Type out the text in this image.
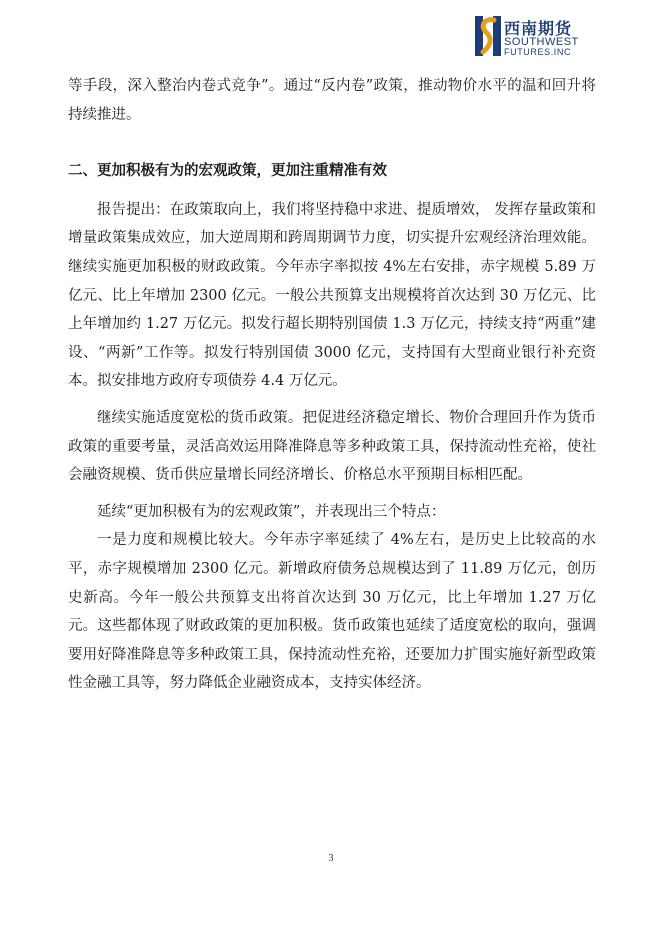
西南期货
SOUTHWEST
FUTURES.INC

等手段，深入整治内卷式竞争”。通过“反内卷”政策，推动物价水平的温和回升将持续推进。

二、更加积极有为的宏观政策，更加注重精准有效

报告提出：在政策取向上，我们将坚持稳中求进、提质增效， 发挥存量政策和增量政策集成效应，加大逆周期和跨周期调节力度，切实提升宏观经济治理效能。继续实施更加积极的财政政策。今年赤字率拟按 4%左右安排，赤字规模 5.89 万亿元、比上年增加 2300 亿元。一般公共预算支出规模将首次达到 30 万亿元、比上年增加约 1.27 万亿元。拟发行超长期特别国债 1.3 万亿元，持续支持“两重”建设、“两新”工作等。拟发行特别国债 3000 亿元，支持国有大型商业银行补充资本。拟安排地方政府专项债券 4.4 万亿元。

继续实施适度宽松的货币政策。把促进经济稳定增长、物价合理回升作为货币政策的重要考量，灵活高效运用降准降息等多种政策工具，保持流动性充裕，使社会融资规模、货币供应量增长同经济增长、价格总水平预期目标相匹配。

延续“更加积极有为的宏观政策”，并表现出三个特点：

一是力度和规模比较大。今年赤字率延续了 4%左右，是历史上比较高的水平，赤字规模增加 2300 亿元。新增政府债务总规模达到了 11.89 万亿元，创历史新高。今年一般公共预算支出将首次达到 30 万亿元，比上年增加 1.27 万亿元。这些都体现了财政政策的更加积极。货币政策也延续了适度宽松的取向，强调要用好降准降息等多种政策工具，保持流动性充裕，还要加力扩围实施好新型政策性金融工具等，努力降低企业融资成本，支持实体经济。

3
